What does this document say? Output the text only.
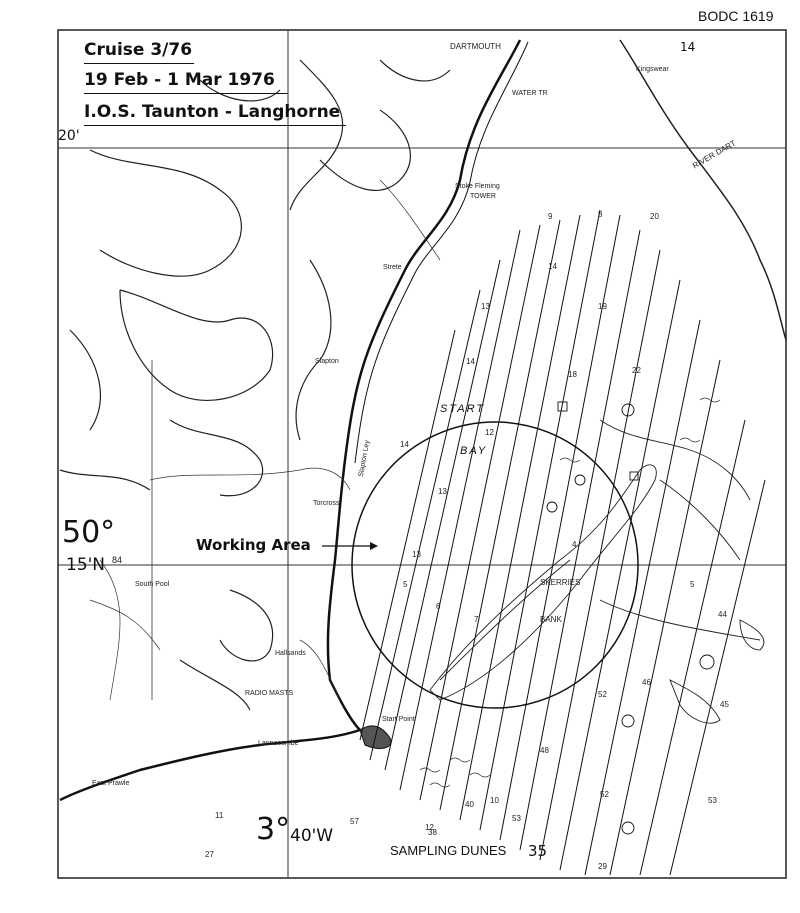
BODC 1619
Cruise 3/76
19 Feb - 1 Mar 1976
I.O.S. Taunton - Langhorne
20'
50°
15'N 84
3° 40'W
Working Area
SAMPLING DUNES
14
35
START
BAY
SKERRIES
BANK
DARTMOUTH
WATER TR
Kingswear
Stoke Fleming
TOWER
Strete
Slapton
Torcross
South Pool
Hallsands
RADIO MASTS
Start Point
East Prawle
Lannacombe
RIVER DART
Slapton Ley
9	8	20
14
19
22
13
14
18
12
14
13
4
13
5
6
7
5
44
45
46
52
48
52
53
57
38
40
53
10
12
11
27
29
